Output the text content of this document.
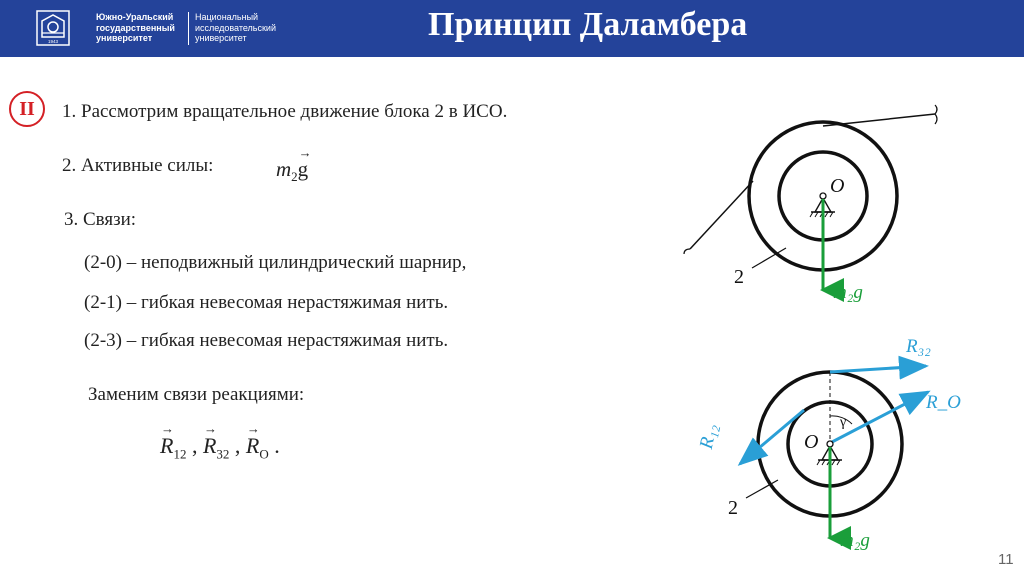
1943
Южно-Уральский
государственный
университет
Национальный
исследовательский
университет	Принцип Даламбера
II	1. Рассмотрим вращательное движение блока 2 в ИСО.
2. Активные силы:	$m_2\to g$
3. Связи:
(2-0) – неподвижный цилиндрический шарнир,
(2-1) – гибкая невесомая нерастяжимая нить.
(2-3) – гибкая невесомая нерастяжимая нить.
Заменим связи реакциями:
→ $R_{12}$ , → $R_{32}$ , → $R_O$ .
O
m₂g
2
γ
R₃₂
R_O
R₁₂	O
m₂g
2
11
